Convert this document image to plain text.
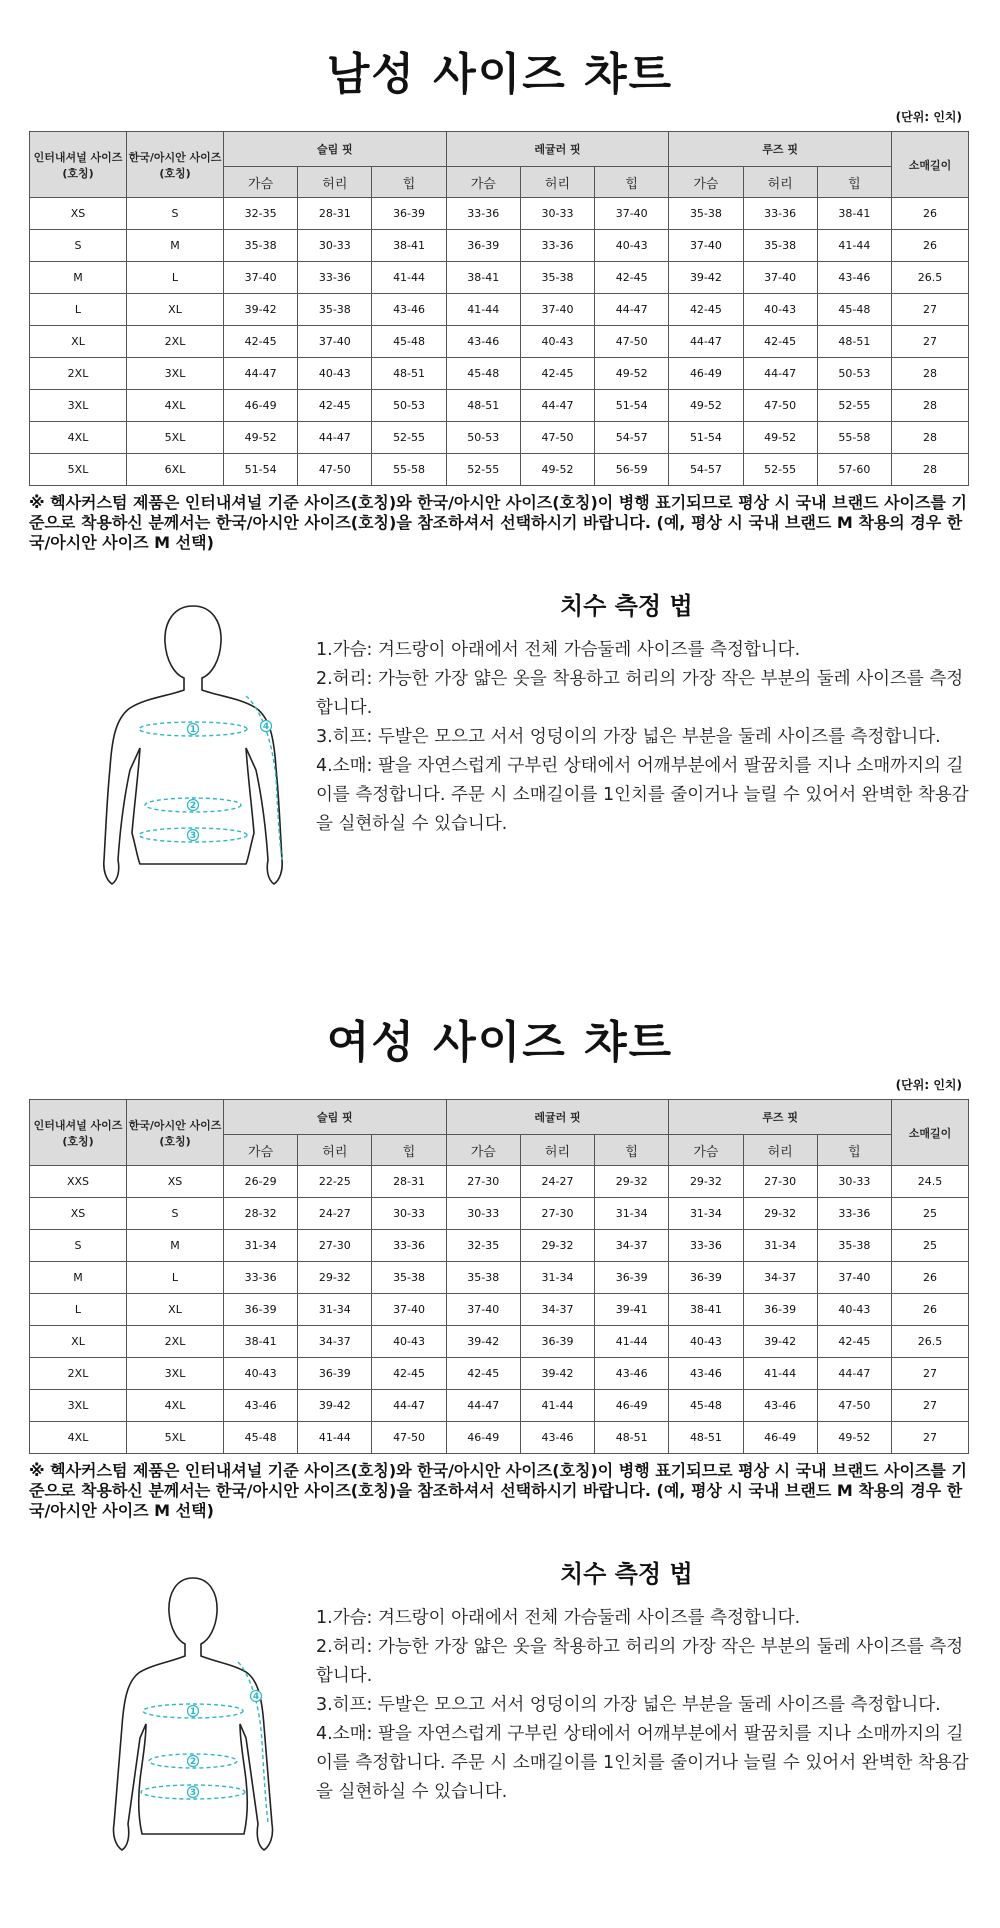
남성 사이즈 챠트
(단위: 인치)
인터내셔널 사이즈(호칭)	한국/아시안 사이즈(호칭)	슬림 핏			레귤러 핏			루즈 핏			소매길이
		가슴	허리	힙	가슴	허리	힙	가슴	허리	힙	
XS	S	32-35	28-31	36-39	33-36	30-33	37-40	35-38	33-36	38-41	26
S	M	35-38	30-33	38-41	36-39	33-36	40-43	37-40	35-38	41-44	26
M	L	37-40	33-36	41-44	38-41	35-38	42-45	39-42	37-40	43-46	26.5
L	XL	39-42	35-38	43-46	41-44	37-40	44-47	42-45	40-43	45-48	27
XL	2XL	42-45	37-40	45-48	43-46	40-43	47-50	44-47	42-45	48-51	27
2XL	3XL	44-47	40-43	48-51	45-48	42-45	49-52	46-49	44-47	50-53	28
3XL	4XL	46-49	42-45	50-53	48-51	44-47	51-54	49-52	47-50	52-55	28
4XL	5XL	49-52	44-47	52-55	50-53	47-50	54-57	51-54	49-52	55-58	28
5XL	6XL	51-54	47-50	55-58	52-55	49-52	56-59	54-57	52-55	57-60	28
※ 헥사커스텀 제품은 인터내셔널 기준 사이즈(호칭)와 한국/아시안 사이즈(호칭)이 병행 표기되므로 평상 시 국내 브랜드 사이즈를 기준으로 착용하신 분께서는 한국/아시안 사이즈(호칭)을 참조하셔서 선택하시기 바랍니다. (예, 평상 시 국내 브랜드 M 착용의 경우 한국/아시안 사이즈 M 선택)
1
2
3
4
치수 측정 법
1.가슴: 겨드랑이 아래에서 전체 가슴둘레 사이즈를 측정합니다.
2.허리: 가능한 가장 얇은 옷을 착용하고 허리의 가장 작은 부분의 둘레 사이즈를 측정합니다.
3.히프: 두발은 모으고 서서 엉덩이의 가장 넓은 부분을 둘레 사이즈를 측정합니다.
4.소매: 팔을 자연스럽게 구부린 상태에서 어깨부분에서 팔꿈치를 지나 소매까지의 길이를 측정합니다. 주문 시 소매길이를 1인치를 줄이거나 늘릴 수 있어서 완벽한 착용감을 실현하실 수 있습니다.
여성 사이즈 챠트
(단위: 인치)
인터내셔널 사이즈(호칭)	한국/아시안 사이즈(호칭)	슬림 핏			레귤러 핏			루즈 핏			소매길이
		가슴	허리	힙	가슴	허리	힙	가슴	허리	힙	
XXS	XS	26-29	22-25	28-31	27-30	24-27	29-32	29-32	27-30	30-33	24.5
XS	S	28-32	24-27	30-33	30-33	27-30	31-34	31-34	29-32	33-36	25
S	M	31-34	27-30	33-36	32-35	29-32	34-37	33-36	31-34	35-38	25
M	L	33-36	29-32	35-38	35-38	31-34	36-39	36-39	34-37	37-40	26
L	XL	36-39	31-34	37-40	37-40	34-37	39-41	38-41	36-39	40-43	26
XL	2XL	38-41	34-37	40-43	39-42	36-39	41-44	40-43	39-42	42-45	26.5
2XL	3XL	40-43	36-39	42-45	42-45	39-42	43-46	43-46	41-44	44-47	27
3XL	4XL	43-46	39-42	44-47	44-47	41-44	46-49	45-48	43-46	47-50	27
4XL	5XL	45-48	41-44	47-50	46-49	43-46	48-51	48-51	46-49	49-52	27
※ 헥사커스텀 제품은 인터내셔널 기준 사이즈(호칭)와 한국/아시안 사이즈(호칭)이 병행 표기되므로 평상 시 국내 브랜드 사이즈를 기준으로 착용하신 분께서는 한국/아시안 사이즈(호칭)을 참조하셔서 선택하시기 바랍니다. (예, 평상 시 국내 브랜드 M 착용의 경우 한국/아시안 사이즈 M 선택)
1
2
3
4
치수 측정 법
1.가슴: 겨드랑이 아래에서 전체 가슴둘레 사이즈를 측정합니다.
2.허리: 가능한 가장 얇은 옷을 착용하고 허리의 가장 작은 부분의 둘레 사이즈를 측정합니다.
3.히프: 두발은 모으고 서서 엉덩이의 가장 넓은 부분을 둘레 사이즈를 측정합니다.
4.소매: 팔을 자연스럽게 구부린 상태에서 어깨부분에서 팔꿈치를 지나 소매까지의 길이를 측정합니다. 주문 시 소매길이를 1인치를 줄이거나 늘릴 수 있어서 완벽한 착용감을 실현하실 수 있습니다.
